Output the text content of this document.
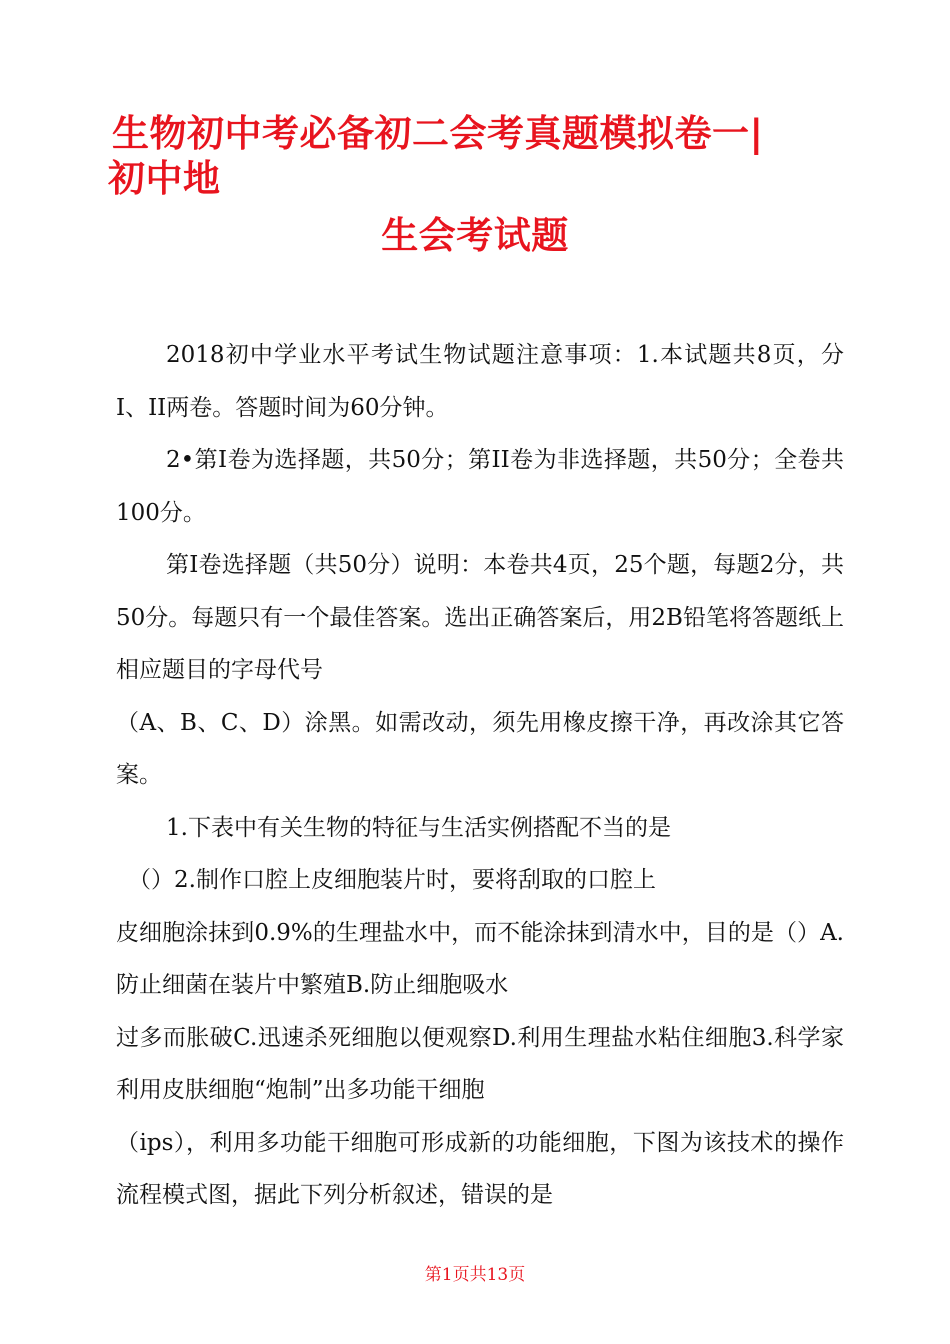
生物初中考必备初二会考真题模拟卷一|
初中地
生会考试题

2018初中学业水平考试生物试题注意事项：1.本试题共8页，分I、II两卷。答题时间为60分钟。

2•第I卷为选择题，共50分；第II卷为非选择题，共50分；全卷共100分。

第I卷选择题（共50分）说明：本卷共4页，25个题，每题2分，共50分。每题只有一个最佳答案。选出正确答案后，用2B铅笔将答题纸上相应题目的字母代号

（A、B、C、D）涂黑。如需改动，须先用橡皮擦干净，再改涂其它答案。

1.下表中有关生物的特征与生活实例搭配不当的是

（）2.制作口腔上皮细胞装片时，要将刮取的口腔上

皮细胞涂抹到0.9%的生理盐水中，而不能涂抹到清水中，目的是（）A.防止细菌在装片中繁殖B.防止细胞吸水

过多而胀破C.迅速杀死细胞以便观察D.利用生理盐水粘住细胞3.科学家利用皮肤细胞“炮制”出多功能干细胞

（ips），利用多功能干细胞可形成新的功能细胞，下图为该技术的操作流程模式图，据此下列分析叙述，错误的是

第1页共13页
